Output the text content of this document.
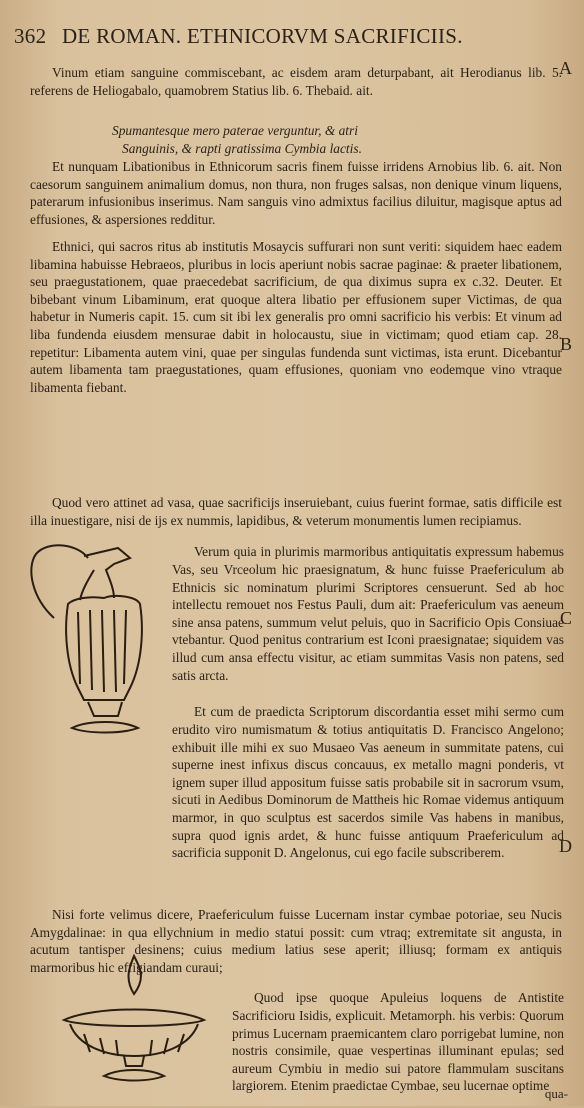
362 DE ROMAN. ETHNICORVM SACRIFICIIS.
A
B
C
D

Vinum etiam sanguine commiscebant, ac eisdem aram deturpabant, ait Herodianus lib. 5. referens de Heliogabalo, quamobrem Statius lib. 6. Thebaid. ait.

Spumantesque mero paterae verguntur, & atri
Sanguinis, & rapti gratissima Cymbia lactis.

Et nunquam Libationibus in Ethnicorum sacris finem fuisse irridens Arnobius lib. 6. ait. Non caesorum sanguinem animalium domus, non thura, non fruges salsas, non denique vinum liquens, paterarum infusionibus inserimus. Nam sanguis vino admixtus facilius diluitur, magisque aptus ad effusiones, & aspersiones redditur.

Ethnici, qui sacros ritus ab institutis Mosaycis suffurari non sunt veriti: siquidem haec eadem libamina habuisse Hebraeos, pluribus in locis aperiunt nobis sacrae paginae: & praeter libationem, seu praegustationem, quae praecedebat sacrificium, de qua diximus supra ex c.32. Deuter. Et bibebant vinum Libaminum, erat quoque altera libatio per effusionem super Victimas, de qua habetur in Numeris capit. 15. cum sit ibi lex generalis pro omni sacrificio his verbis: Et vinum ad liba fundenda eiusdem mensurae dabit in holocaustu, siue in victimam; quod etiam cap. 28. repetitur: Libamenta autem vini, quae per singulas fundenda sunt victimas, ista erunt. Dicebantur autem libamenta tam praegustationes, quam effusiones, quoniam vno eodemque vino vtraque libamenta fiebant.

Quod vero attinet ad vasa, quae sacrificijs inseruiebant, cuius fuerint formae, satis difficile est illa inuestigare, nisi de ijs ex nummis, lapidibus, & veterum monumentis lumen recipiamus.

Verum quia in plurimis marmoribus antiquitatis expressum habemus Vas, seu Vrceolum hic praesignatum, & hunc fuisse Praefericulum ab Ethnicis sic nominatum plurimi Scriptores censuerunt. Sed ab hoc intellectu remouet nos Festus Pauli, dum ait: Praefericulum vas aeneum sine ansa patens, summum velut peluis, quo in Sacrificio Opis Consiuae vtebantur. Quod penitus contrarium est Iconi praesignatae; siquidem vas illud cum ansa effectu visitur, ac etiam summitas Vasis non patens, sed satis arcta.

Et cum de praedicta Scriptorum discordantia esset mihi sermo cum erudito viro numismatum & totius antiquitatis D. Francisco Angelono; exhibuit ille mihi ex suo Musaeo Vas aeneum in summitate patens, cui superne inest infixus discus concauus, ex metallo magni ponderis, vt ignem super illud appositum fuisse satis probabile sit in sacrorum vsum, sicuti in Aedibus Dominorum de Mattheis hic Romae videmus antiquum marmor, in quo sculptus est sacerdos simile Vas habens in manibus, supra quod ignis ardet, & hunc fuisse antiquum Praefericulum ad sacrificia supponit D. Angelonus, cui ego facile subscriberem.

Nisi forte velimus dicere, Praefericulum fuisse Lucernam instar cymbae potoriae, seu Nucis Amygdalinae: in qua ellychnium in medio statui possit: cum vtraq; extremitate sit angusta, in acutum tantisper desinens; cuius medium latius sese aperit; illiusq; formam ex antiquis marmoribus hic effigiandam curaui;

Quod ipse quoque Apuleius loquens de Antistite Sacrificioru Isidis, explicuit. Metamorph. his verbis: Quorum primus Lucernam praemicantem claro porrigebat lumine, non nostris consimile, quae vespertinas illuminant epulas; sed aureum Cymbiu in medio sui patore flammulam suscitans largiorem. Etenim praedictae Cymbae, seu lucernae optime

qua-
